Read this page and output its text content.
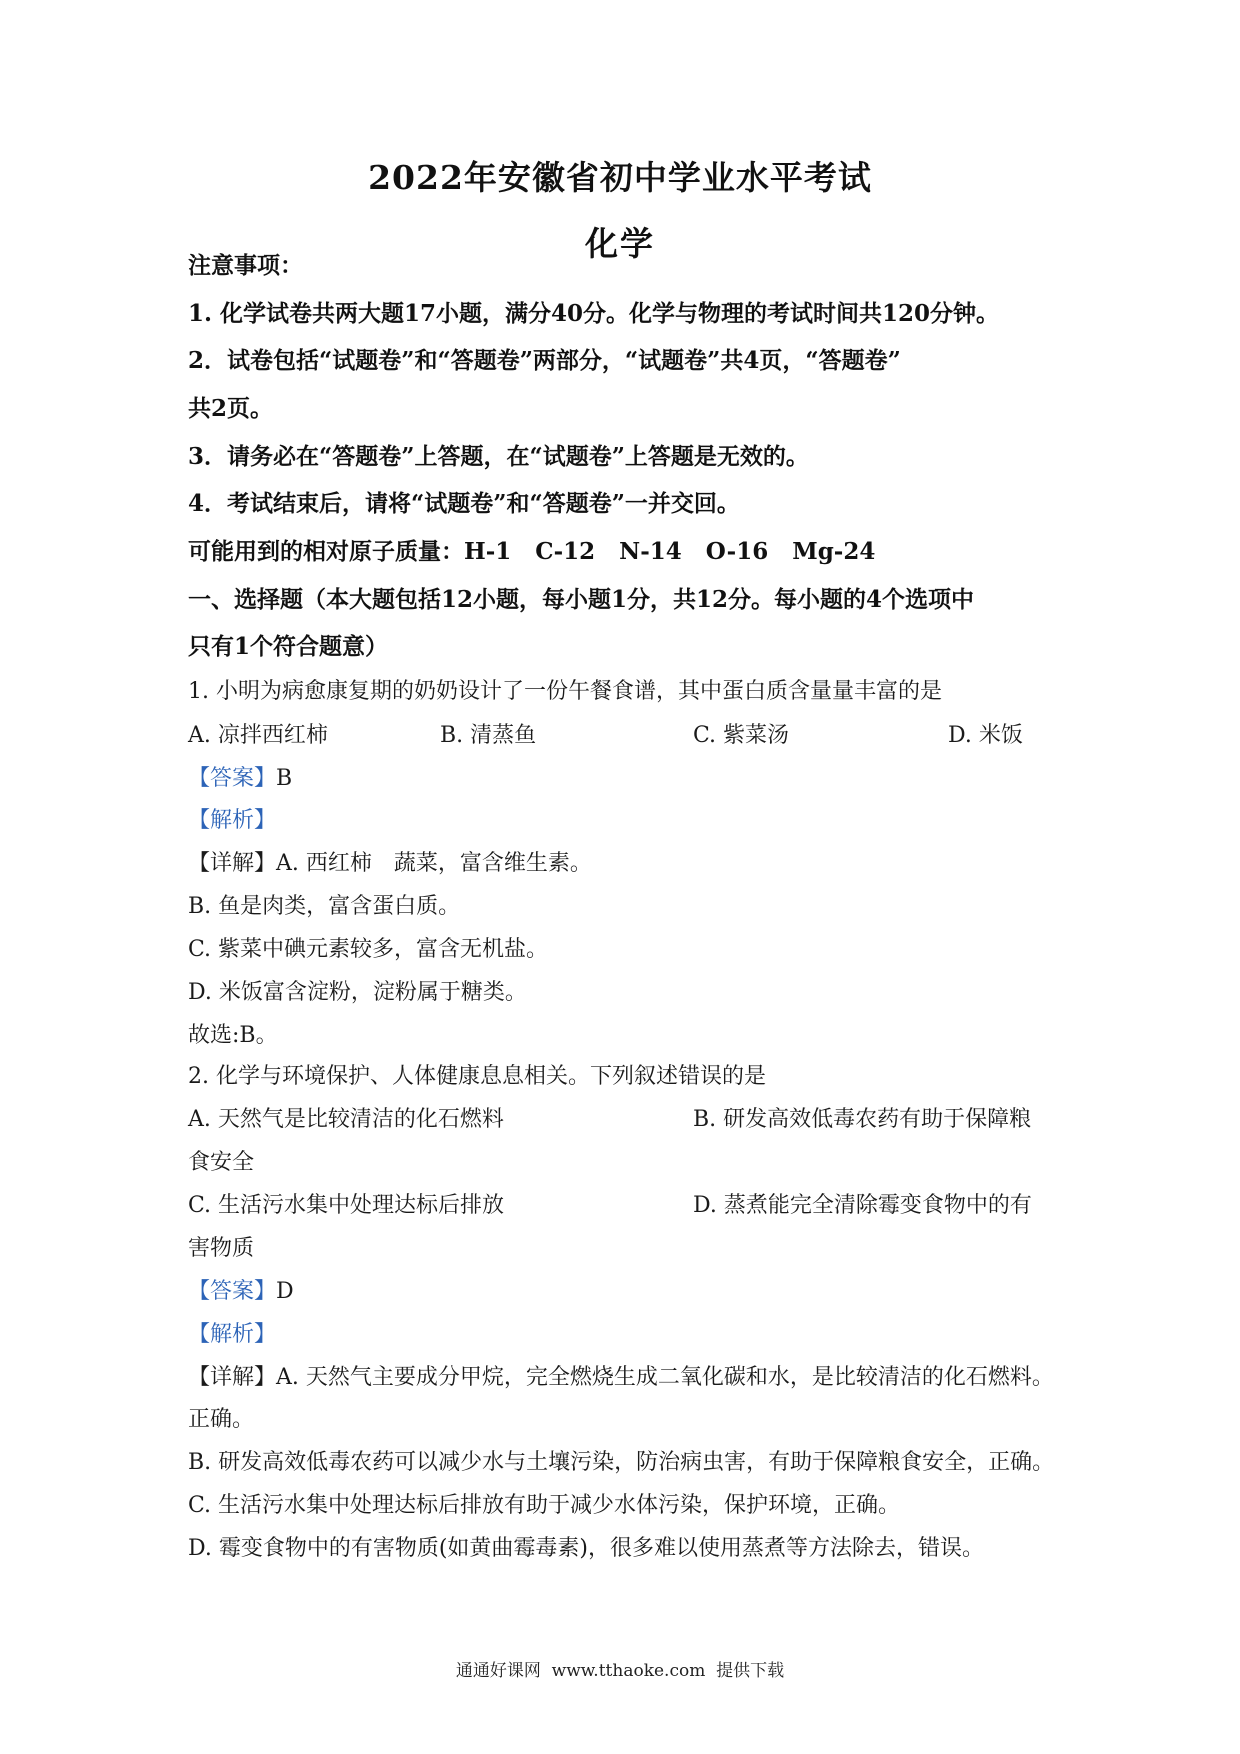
2022年安徽省初中学业水平考试
化学
注意事项：
1. 化学试卷共两大题17小题，满分40分。化学与物理的考试时间共120分钟。
2．试卷包括“试题卷”和“答题卷”两部分，“试题卷”共4页，“答题卷”
共2页。
3．请务必在“答题卷”上答题，在“试题卷”上答题是无效的。
4．考试结束后，请将“试题卷”和“答题卷”一并交回。
可能用到的相对原子质量：H-1   C-12   N-14   O-16   Mg-24
一、选择题（本大题包括12小题，每小题1分，共12分。每小题的4个选项中
只有1个符合题意）
1. 小明为病愈康复期的奶奶设计了一份午餐食谱，其中蛋白质含量量丰富的是
A. 凉拌西红柿	B. 清蒸鱼	C. 紫菜汤	D. 米饭
【答案】B
【解析】
【详解】A. 西红柿　蔬菜，富含维生素。
B. 鱼是肉类，富含蛋白质。
C. 紫菜中碘元素较多，富含无机盐。
D. 米饭富含淀粉，淀粉属于糖类。
故选:B。
2. 化学与环境保护、人体健康息息相关。下列叙述错误的是
A. 天然气是比较清洁的化石燃料	B. 研发高效低毒农药有助于保障粮
食安全
C. 生活污水集中处理达标后排放	D. 蒸煮能完全清除霉变食物中的有
害物质
【答案】D
【解析】
【详解】A. 天然气主要成分甲烷，完全燃烧生成二氧化碳和水，是比较清洁的化石燃料。
正确。
B. 研发高效低毒农药可以减少水与土壤污染，防治病虫害，有助于保障粮食安全，正确。
C. 生活污水集中处理达标后排放有助于减少水体污染，保护环境，正确。
D. 霉变食物中的有害物质(如黄曲霉毒素)，很多难以使用蒸煮等方法除去，错误。
通通好课网  www.tthaoke.com  提供下载
